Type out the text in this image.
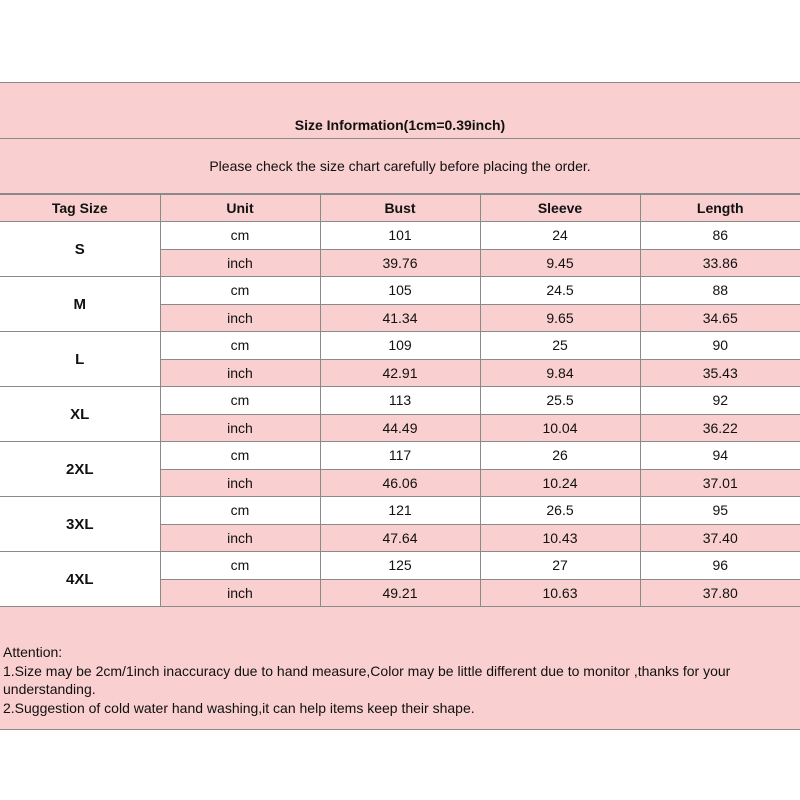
Size Information(1cm=0.39inch)
Please check the size chart carefully before placing the order.
Tag Size	Unit	Bust	Sleeve	Length
S	cm	101	24	86
	inch	39.76	9.45	33.86
M	cm	105	24.5	88
	inch	41.34	9.65	34.65
L	cm	109	25	90
	inch	42.91	9.84	35.43
XL	cm	113	25.5	92
	inch	44.49	10.04	36.22
2XL	cm	117	26	94
	inch	46.06	10.24	37.01
3XL	cm	121	26.5	95
	inch	47.64	10.43	37.40
4XL	cm	125	27	96
	inch	49.21	10.63	37.80
Attention:
1.Size may be 2cm/1inch inaccuracy due to hand measure,Color may be little different due to monitor ,thanks for your
understanding.
2.Suggestion of cold water hand washing,it can help items keep their shape.
